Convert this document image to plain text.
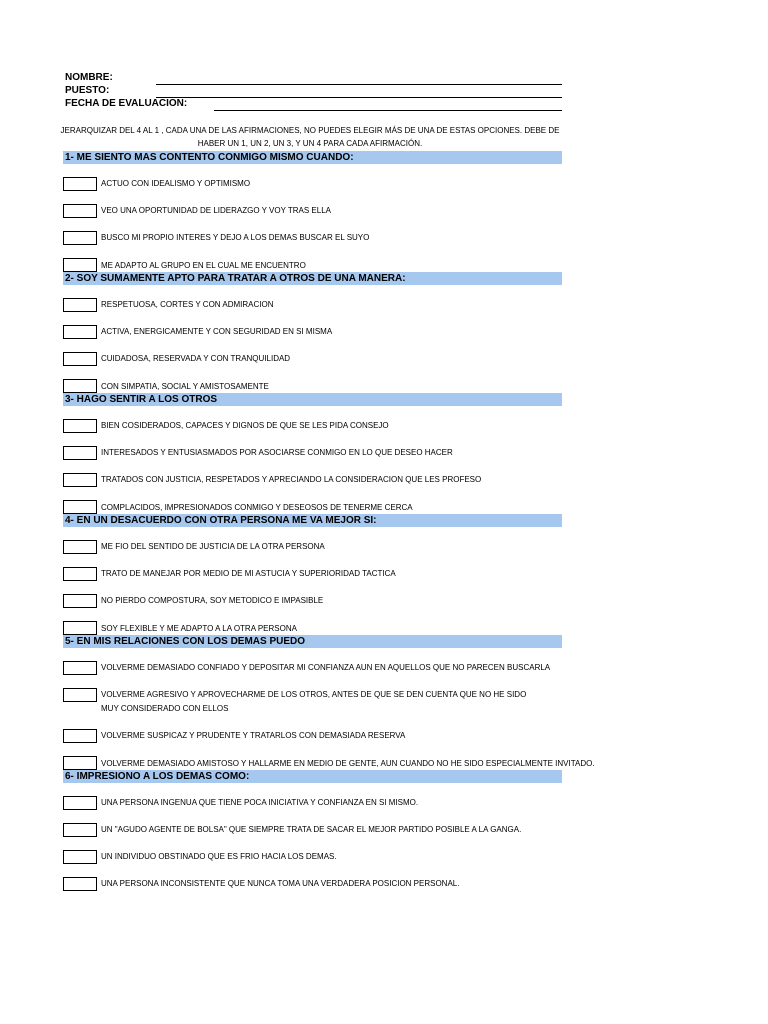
NOMBRE:
PUESTO:
FECHA DE EVALUACION:
JERARQUIZAR DEL 4 AL 1 , CADA UNA DE LAS AFIRMACIONES, NO PUEDES ELEGIR MÁS DE UNA DE ESTAS OPCIONES. DEBE DE HABER UN 1, UN 2, UN 3, Y UN 4 PARA CADA AFIRMACIÓN.
1- ME SIENTO MAS CONTENTO CONMIGO MISMO CUANDO:
ACTUO CON IDEALISMO Y OPTIMISMO
VEO UNA OPORTUNIDAD DE LIDERAZGO Y VOY TRAS ELLA
BUSCO MI PROPIO INTERES Y DEJO A LOS DEMAS BUSCAR EL SUYO
ME ADAPTO AL GRUPO EN EL CUAL ME ENCUENTRO
2- SOY SUMAMENTE APTO PARA TRATAR A OTROS DE UNA MANERA:
RESPETUOSA, CORTES Y CON ADMIRACION
ACTIVA, ENERGICAMENTE Y CON SEGURIDAD EN SI MISMA
CUIDADOSA, RESERVADA Y CON TRANQUILIDAD
CON SIMPATIA, SOCIAL Y AMISTOSAMENTE
3- HAGO SENTIR A LOS OTROS
BIEN COSIDERADOS, CAPACES Y DIGNOS DE QUE SE LES PIDA CONSEJO
INTERESADOS Y ENTUSIASMADOS POR ASOCIARSE CONMIGO EN LO QUE DESEO HACER
TRATADOS CON JUSTICIA, RESPETADOS Y APRECIANDO LA CONSIDERACION QUE LES PROFESO
COMPLACIDOS, IMPRESIONADOS CONMIGO Y DESEOSOS DE TENERME CERCA
4- EN UN DESACUERDO CON OTRA PERSONA ME VA MEJOR SI:
ME FIO DEL SENTIDO DE JUSTICIA DE LA OTRA PERSONA
TRATO DE MANEJAR POR MEDIO DE MI ASTUCIA Y SUPERIORIDAD TACTICA
NO PIERDO COMPOSTURA, SOY METODICO E IMPASIBLE
SOY FLEXIBLE Y ME ADAPTO A LA OTRA PERSONA
5- EN MIS RELACIONES CON LOS DEMAS PUEDO
VOLVERME DEMASIADO CONFIADO Y DEPOSITAR MI CONFIANZA AUN EN AQUELLOS QUE NO PARECEN BUSCARLA
VOLVERME AGRESIVO Y APROVECHARME DE LOS OTROS, ANTES DE QUE SE DEN CUENTA QUE NO HE SIDO MUY CONSIDERADO CON ELLOS
VOLVERME SUSPICAZ Y PRUDENTE Y TRATARLOS CON DEMASIADA RESERVA
VOLVERME DEMASIADO AMISTOSO Y HALLARME EN MEDIO DE GENTE, AUN CUANDO NO HE SIDO ESPECIALMENTE INVITADO.
6- IMPRESIONO A LOS DEMAS COMO:
UNA PERSONA INGENUA QUE TIENE POCA INICIATIVA Y CONFIANZA EN SI MISMO.
UN "AGUDO AGENTE DE BOLSA" QUE SIEMPRE TRATA DE SACAR EL MEJOR PARTIDO POSIBLE A LA GANGA.
UN INDIVIDUO OBSTINADO QUE ES FRIO HACIA LOS DEMAS.
UNA PERSONA INCONSISTENTE QUE NUNCA TOMA UNA VERDADERA POSICION PERSONAL.
